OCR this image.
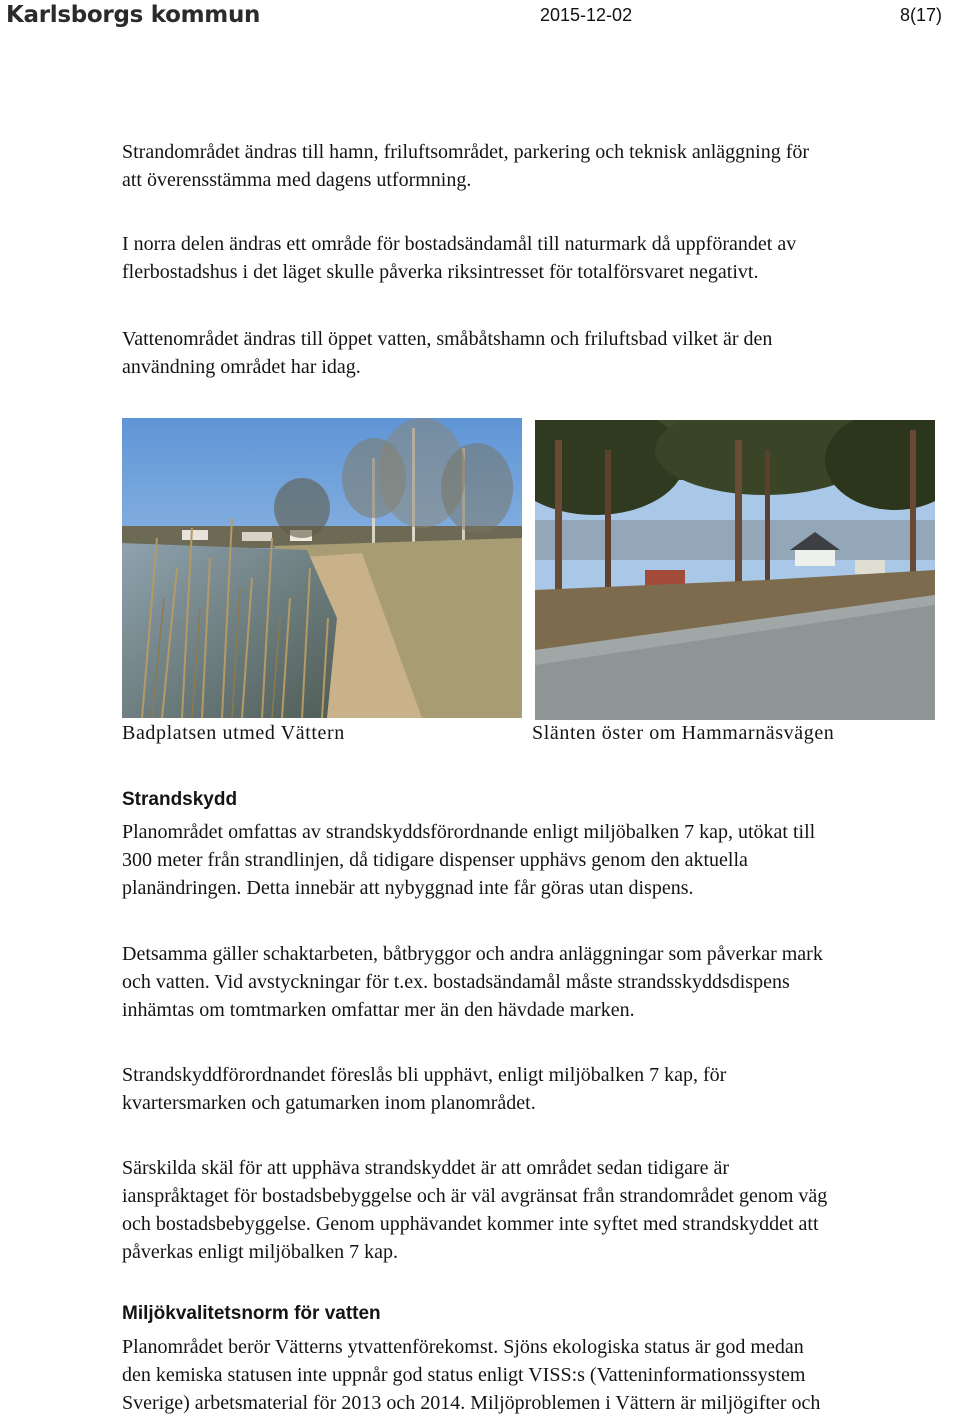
Karlsborgs kommun	2015-12-02	8(17)

Strandområdet ändras till hamn, friluftsområdet, parkering och teknisk anläggning för
att överensstämma med dagens utformning.

I norra delen ändras ett område för bostadsändamål till naturmark då uppförandet av
flerbostadshus i det läget skulle påverka riksintresset för totalförsvaret negativt.

Vattenområdet ändras till öppet vatten, småbåtshamn och friluftsbad vilket är den
användning området har idag.

Badplatsen utmed Vättern	Slänten öster om Hammarnäsvägen
Strandskydd

Planområdet omfattas av strandskyddsförordnande enligt miljöbalken 7 kap, utökat till
300 meter från strandlinjen, då tidigare dispenser upphävs genom den aktuella
planändringen. Detta innebär att nybyggnad inte får göras utan dispens.

Detsamma gäller schaktarbeten, båtbryggor och andra anläggningar som påverkar mark
och vatten. Vid avstyckningar för t.ex. bostadsändamål måste strandsskyddsdispens
inhämtas om tomtmarken omfattar mer än den hävdade marken.

Strandskyddförordnandet föreslås bli upphävt, enligt miljöbalken 7 kap, för
kvartersmarken och gatumarken inom planområdet.

Särskilda skäl för att upphäva strandskyddet är att området sedan tidigare är
ianspråktaget för bostadsbebyggelse och är väl avgränsat från strandområdet genom väg
och bostadsbebyggelse. Genom upphävandet kommer inte syftet med strandskyddet att
påverkas enligt miljöbalken 7 kap.

Miljökvalitetsnorm för vatten

Planområdet berör Vätterns ytvattenförekomst. Sjöns ekologiska status är god medan
den kemiska statusen inte uppnår god status enligt VISS:s (Vatteninformationssystem
Sverige) arbetsmaterial för 2013 och 2014. Miljöproblemen i Vättern är miljögifter och
